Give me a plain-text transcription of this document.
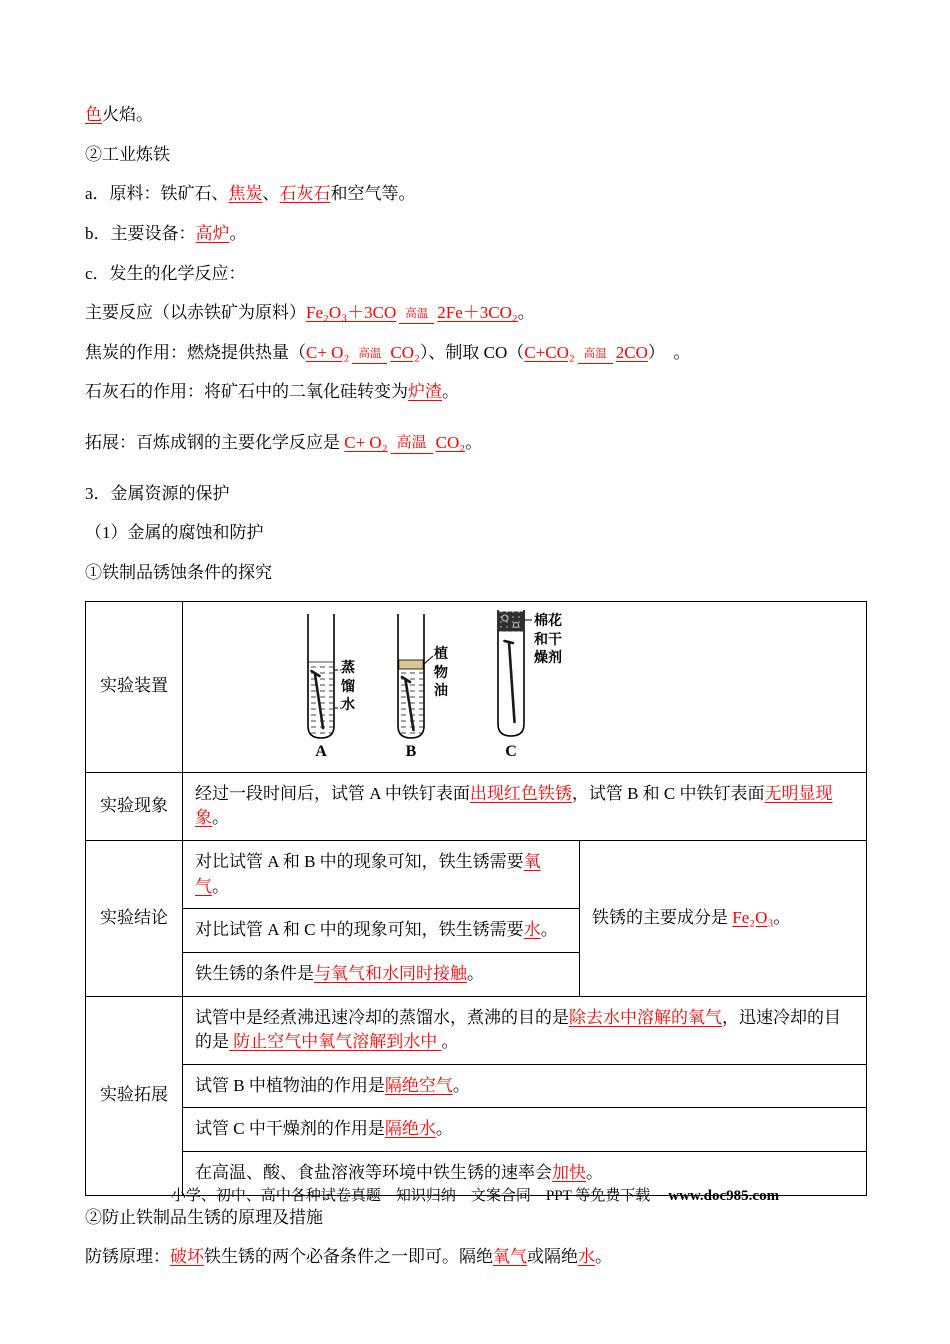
色火焰。

②工业炼铁

a．原料：铁矿石、焦炭、石灰石和空气等。

b．主要设备：高炉。

c．发生的化学反应：

主要反应（以赤铁矿为原料）Fe₂O₃＋3CO 高温 2Fe＋3CO₂。

焦炭的作用：燃烧提供热量（C+ O₂ 高温 CO₂）、制取 CO（C+CO₂ 高温 2CO）　。

石灰石的作用：将矿石中的二氧化硅转变为炉渣。

拓展：百炼成钢的主要化学反应是 C+ O₂ 高温 CO₂。

3．金属资源的保护

（1）金属的腐蚀和防护

①铁制品锈蚀条件的探究

实验装置
A	B	C
蒸馏水
植物油
棉花和干燥剂
实验现象
经过一段时间后，试管 A 中铁钉表面出现红色铁锈，试管 B 和 C 中铁钉表面无明显现象。
实验结论
对比试管 A 和 B 中的现象可知，铁生锈需要氧气。
对比试管 A 和 C 中的现象可知，铁生锈需要水。
铁生锈的条件是与氧气和水同时接触。
铁锈的主要成分是 Fe₂O₃。
实验拓展
试管中是经煮沸迅速冷却的蒸馏水，煮沸的目的是除去水中溶解的氧气，迅速冷却的目的是 防止空气中氧气溶解到水中 。
试管 B 中植物油的作用是隔绝空气。
试管 C 中干燥剂的作用是隔绝水。
在高温、酸、食盐溶液等环境中铁生锈的速率会加快。

②防止铁制品生锈的原理及措施

防锈原理：破坏铁生锈的两个必备条件之一即可。隔绝氧气或隔绝水。

小学、初中、高中各种试卷真题　知识归纳　文案合同　PPT 等免费下载 www.doc985.com
